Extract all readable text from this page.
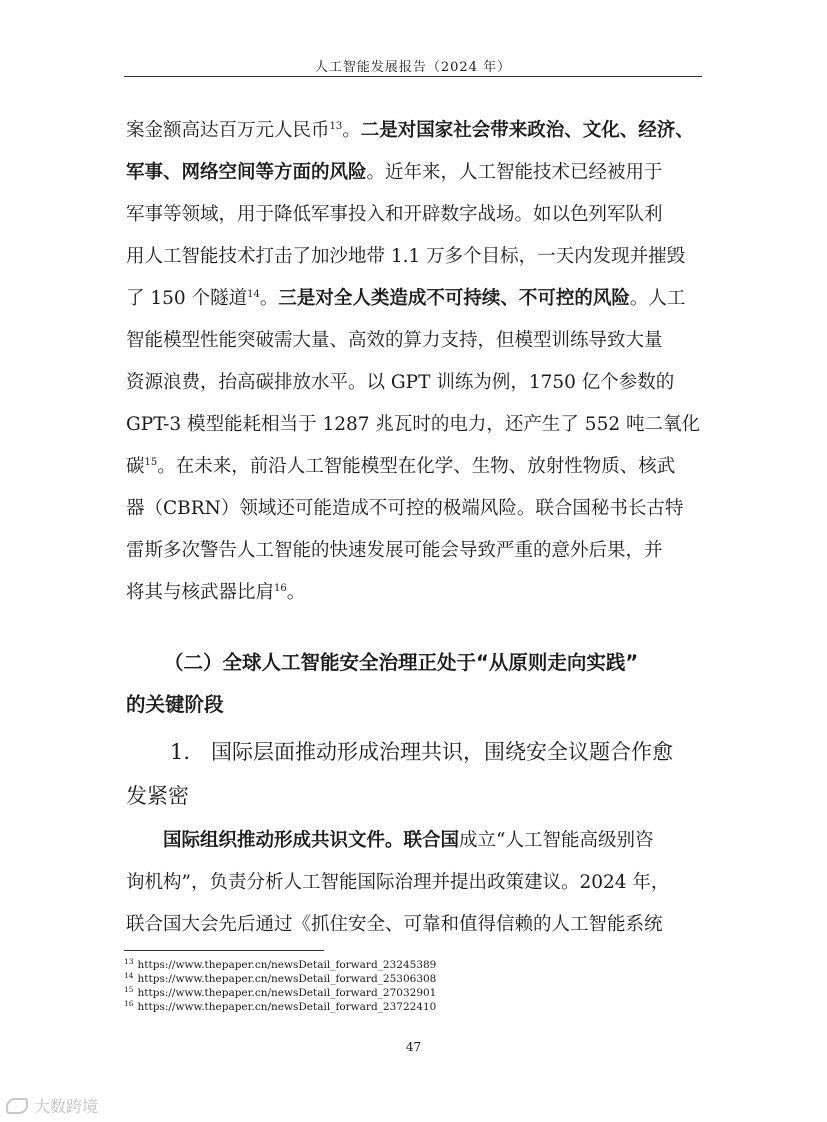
人工智能发展报告（2024 年）
案金额高达百万元人民币$^{13}$。二是对国家社会带来政治、文化、经济、
军事、网络空间等方面的风险。近年来，人工智能技术已经被用于
军事等领域，用于降低军事投入和开辟数字战场。如以色列军队利
用人工智能技术打击了加沙地带 1.1 万多个目标，一天内发现并摧毁
了 150 个隧道$^{14}$。三是对全人类造成不可持续、不可控的风险。人工
智能模型性能突破需大量、高效的算力支持，但模型训练导致大量
资源浪费，抬高碳排放水平。以 GPT 训练为例，1750 亿个参数的
GPT-3 模型能耗相当于 1287 兆瓦时的电力，还产生了 552 吨二氧化
碳$^{15}$。在未来，前沿人工智能模型在化学、生物、放射性物质、核武
器（CBRN）领域还可能造成不可控的极端风险。联合国秘书长古特
雷斯多次警告人工智能的快速发展可能会导致严重的意外后果，并
将其与核武器比肩$^{16}$。
（二）全球人工智能安全治理正处于“从原则走向实践”
的关键阶段
1.　国际层面推动形成治理共识，围绕安全议题合作愈
发紧密
国际组织推动形成共识文件。联合国成立“人工智能高级别咨
询机构”，负责分析人工智能国际治理并提出政策建议。2024 年，
联合国大会先后通过《抓住安全、可靠和值得信赖的人工智能系统
$^{13}$ https://www.thepaper.cn/newsDetail_forward_23245389
$^{14}$ https://www.thepaper.cn/newsDetail_forward_25306308
$^{15}$ https://www.thepaper.cn/newsDetail_forward_27032901
$^{16}$ https://www.thepaper.cn/newsDetail_forward_23722410
47
大数跨境
